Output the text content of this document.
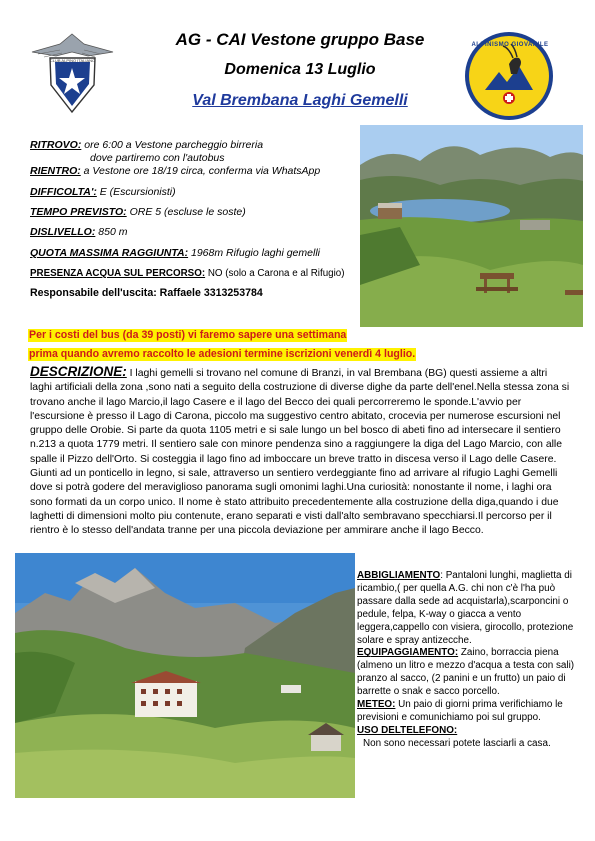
CLUB ALPINO ITALIANO
AG - CAI Vestone gruppo Base
Domenica 13 Luglio
Val Brembana Laghi Gemelli
ALPINISMO GIOVANILE
RITROVO: ore 6:00 a Vestone parcheggio birreria
dove partiremo con l'autobus
RIENTRO: a Vestone ore 18/19 circa, conferma via WhatsApp
DIFFICOLTA': E (Escursionisti)
TEMPO PREVISTO: ORE 5 (escluse le soste)
DISLIVELLO: 850 m
QUOTA MASSIMA RAGGIUNTA: 1968m Rifugio laghi gemelli
PRESENZA ACQUA SUL PERCORSO: NO (solo a Carona e al Rifugio)
Responsabile dell'uscita: Raffaele 3313253784
Per i costi del bus (da 39 posti) vi faremo sapere una settimana
prima quando avremo raccolto le adesioni termine iscrizioni venerdì 4 luglio.
DESCRIZIONE: I laghi gemelli si trovano nel comune di Branzi, in val Brembana (BG) questi assieme a altri laghi artificiali della zona ,sono nati a seguito della costruzione di diverse dighe da parte dell'enel.Nella stessa zona si trovano anche il lago Marcio,il lago Casere e il lago del Becco dei quali percorreremo le sponde.L'avvio per l'escursione è presso il Lago di Carona, piccolo ma suggestivo centro abitato, crocevia per numerose escursioni nel gruppo delle Orobie. Si parte da quota 1105 metri e si sale lungo un bel bosco di abeti fino ad intersecare il sentiero n.213 a quota 1779 metri. Il sentiero sale con minore pendenza sino a raggiungere la diga del Lago Marcio, con alle spalle il Pizzo dell'Orto. Si costeggia il lago fino ad imboccare un breve tratto in discesa verso il Lago delle Casere. Giunti ad un ponticello in legno, si sale, attraverso un sentiero verdeggiante fino ad arrivare al rifugio Laghi Gemelli dove si potrà godere del meraviglioso panorama sugli omonimi laghi.Una curiosità: nonostante il nome, i laghi ora sono formati da un corpo unico. Il nome è stato attribuito precedentemente alla costruzione della diga,quando i due laghetti di dimensioni molto piu contenute, erano separati e visti dall'alto sembravano specchiarsi.Il percorso per il rientro è lo stesso dell'andata tranne per una piccola deviazione per ammirare anche il lago Becco.

ABBIGLIAMENTO: Pantaloni lunghi, maglietta di ricambio,( per quella A.G. chi non c'è l'ha può passare dalla sede ad acquistarla),scarponcini o pedule, felpa, K-way o giacca a vento leggera,cappello con visiera, girocollo, protezione solare e spray antizecche.

EQUIPAGGIAMENTO: Zaino, borraccia piena (almeno un litro e mezzo d'acqua a testa con sali) pranzo al sacco, (2 panini e un frutto) un paio di barrette o snak e sacco porcello.

METEO: Un paio di giorni prima verifichiamo le previsioni e comunichiamo poi sul gruppo.

USO DELTELEFONO:

Non sono necessari potete lasciarli a casa.
